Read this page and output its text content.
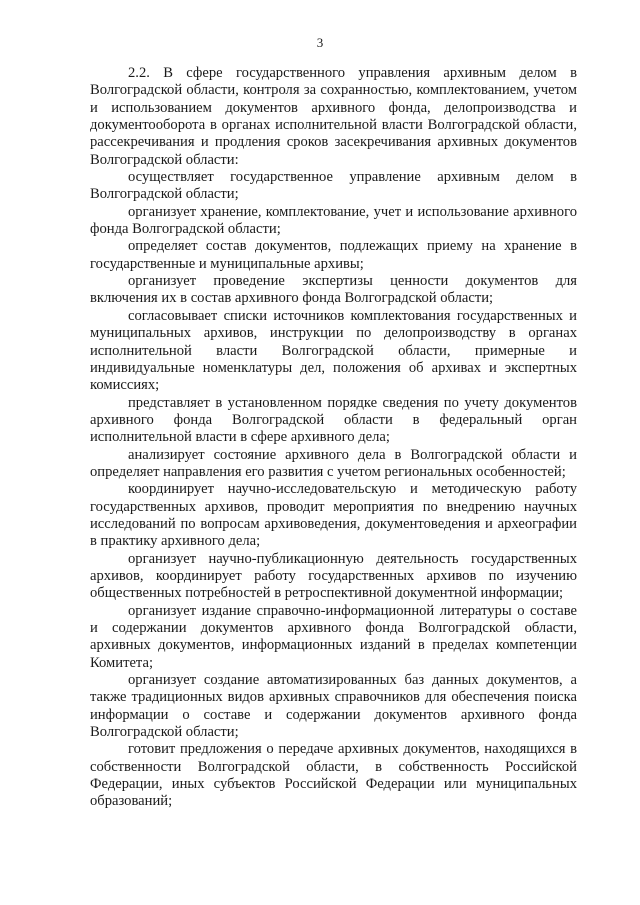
3

2.2. В сфере государственного управления архивным делом в Волгоградской области, контроля за сохранностью, комплектованием, учетом и использованием документов архивного фонда, делопроизводства и документооборота в органах исполнительной власти Волгоградской области, рассекречивания и продления сроков засекречивания архивных документов Волгоградской области:

осуществляет государственное управление архивным делом в Волгоградской области;

организует хранение, комплектование, учет и использование архивного фонда Волгоградской области;

определяет состав документов, подлежащих приему на хранение в государственные и муниципальные архивы;

организует проведение экспертизы ценности документов для включения их в состав архивного фонда Волгоградской области;

согласовывает списки источников комплектования государственных и муниципальных архивов, инструкции по делопроизводству в органах исполнительной власти Волгоградской области, примерные и индивидуальные номенклатуры дел, положения об архивах и экспертных комиссиях;

представляет в установленном порядке сведения по учету документов архивного фонда Волгоградской области в федеральный орган исполнительной власти в сфере архивного дела;

анализирует состояние архивного дела в Волгоградской области и определяет направления его развития с учетом региональных особенностей;

координирует научно-исследовательскую и методическую работу государственных архивов, проводит мероприятия по внедрению научных исследований по вопросам архивоведения, документоведения и археографии в практику архивного дела;

организует научно-публикационную деятельность государственных архивов, координирует работу государственных архивов по изучению общественных потребностей в ретроспективной документной информации;

организует издание справочно-информационной литературы о составе и содержании документов архивного фонда Волгоградской области, архивных документов, информационных изданий в пределах компетенции Комитета;

организует создание автоматизированных баз данных документов, а также традиционных видов архивных справочников для обеспечения поиска информации о составе и содержании документов архивного фонда Волгоградской области;

готовит предложения о передаче архивных документов, находящихся в собственности Волгоградской области, в собственность Российской Федерации, иных субъектов Российской Федерации или муниципальных образований;
